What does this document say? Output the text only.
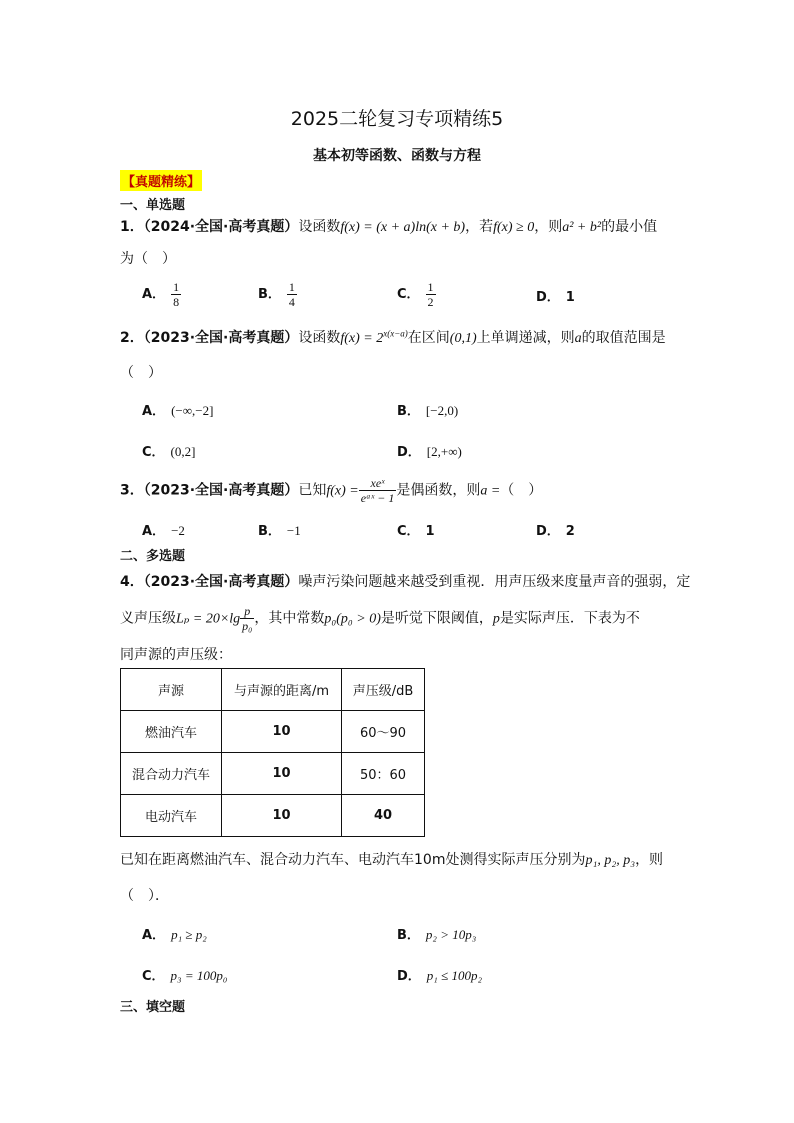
2025二轮复习专项精练5
基本初等函数、函数与方程
【真题精练】
一、单选题
1．（2024·全国·高考真题）设函数f(x) = (x + a)ln(x + b)，若f(x) ≥ 0，则a² + b²的最小值
为（　）
A． $\frac{1}{8}$	B． $\frac{1}{4}$	C． $\frac{1}{2}$	D． 1
2．（2023·全国·高考真题）设函数$f(x) = 2^{x(x-a)}$在区间(0,1)上单调递减，则a的取值范围是
（　）
A． (−∞,−2]	B． [−2,0)
C． (0,2]	D． [2,+∞)
3．（2023·全国·高考真题）已知$f(x) = \frac{\text{xeˣ}}{\text{eᵃˣ − 1}}$ 是偶函数，则a =（　）
A． −2	B． −1	C． 1	D． 2
二、多选题
4．（2023·全国·高考真题）噪声污染问题越来越受到重视．用声压级来度量声音的强弱，定
义声压级$L_p = 20\times\lg \frac{p}{\text{p₀}}$ ，其中常数p₀(p₀ > 0)是听觉下限阈值，p是实际声压．下表为不
同声源的声压级：
声源	与声源的距离/m	声压级/dB
燃油汽车	10	60～90
混合动力汽车	10	50：60
电动汽车	10	40
已知在距离燃油汽车、混合动力汽车、电动汽车10m处测得实际声压分别为p₁, p₂, p₃，则
（　）．
A． p₁ ≥ p₂	B． p₂ > 10p₃
C． p₃ = 100p₀	D． p₁ ≤ 100p₂
三、填空题
